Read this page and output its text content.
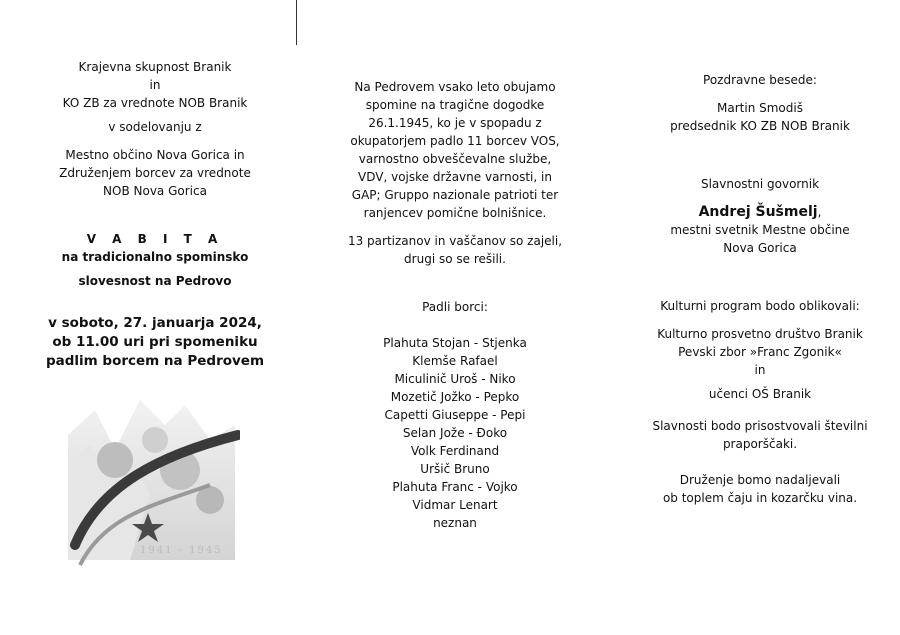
Krajevna skupnost Branik
in
KO ZB za vrednote NOB Branik
v sodelovanju z
Mestno občino Nova Gorica in
Združenjem borcev za vrednote
NOB Nova Gorica
V A B I T A
na tradicionalno spominsko
slovesnost na Pedrovo
v soboto, 27. januarja 2024,
ob 11.00 uri pri spomeniku
padlim borcem na Pedrovem
1941 - 1945
Na Pedrovem vsako leto obujamo
spomine na tragične dogodke
26.1.1945, ko je v spopadu z
okupatorjem padlo 11 borcev VOS,
varnostno obveščevalne službe,
VDV, vojske državne varnosti, in
GAP; Gruppo nazionale patrioti ter
ranjencev pomične bolnišnice.
13 partizanov in vaščanov so zajeli,
drugi so se rešili.
Padli borci:
Plahuta Stojan - Stjenka
Klemše Rafael
Miculinič Uroš - Niko
Mozetič Jožko - Pepko
Capetti Giuseppe - Pepi
Selan Jože - Đoko
Volk Ferdinand
Uršič Bruno
Plahuta Franc - Vojko
Vidmar Lenart
neznan
Pozdravne besede:
Martin Smodiš
predsednik KO ZB NOB Branik
Slavnostni govornik
Andrej Šušmelj,
mestni svetnik Mestne občine
Nova Gorica
Kulturni program bodo oblikovali:
Kulturno prosvetno društvo Branik
Pevski zbor »Franc Zgonik«
in
učenci OŠ Branik
Slavnosti bodo prisostvovali številni
praporščaki.
Druženje bomo nadaljevali
ob toplem čaju in kozarčku vina.
